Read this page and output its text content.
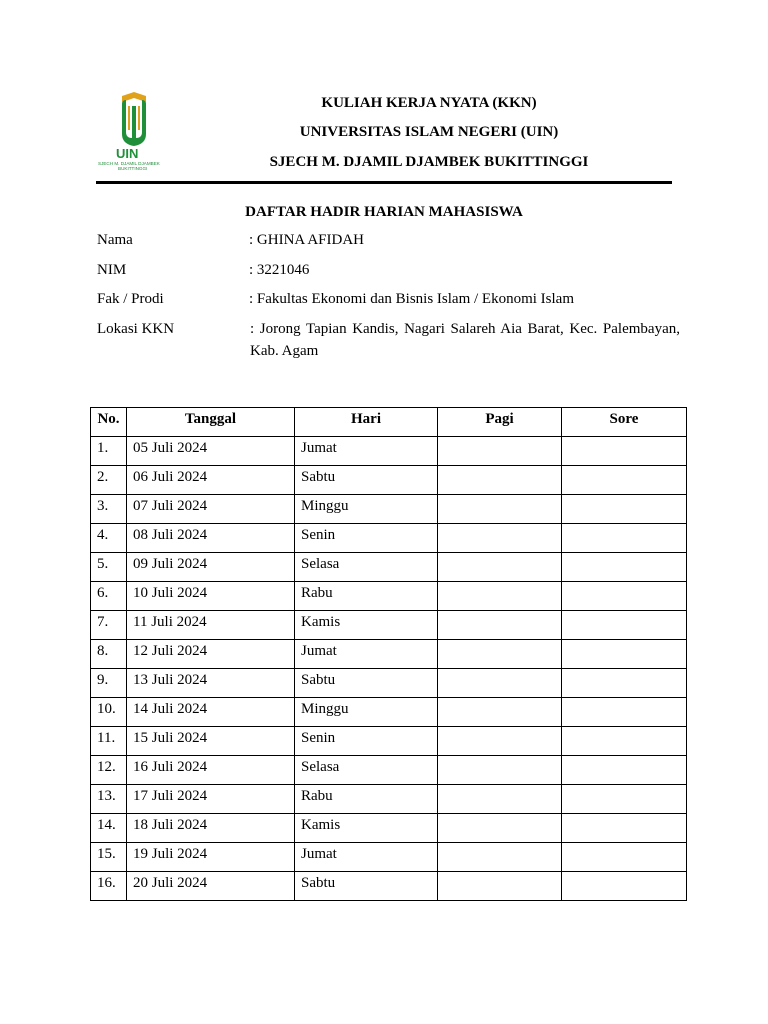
UIN
SJECH M. DJAMIL DJAMBEK
BUKITTINGGI
KULIAH KERJA NYATA (KKN)
UNIVERSITAS ISLAM NEGERI (UIN)
SJECH M. DJAMIL DJAMBEK BUKITTINGGI
DAFTAR HADIR HARIAN MAHASISWA
Nama	: GHINA AFIDAH
NIM	: 3221046
Fak / Prodi	: Fakultas Ekonomi dan Bisnis Islam / Ekonomi Islam
Lokasi KKN	: Jorong Tapian Kandis, Nagari Salareh Aia Barat, Kec. Palembayan, Kab. Agam
No.	Tanggal	Hari	Pagi	Sore
1.	05 Juli 2024	Jumat		
2.	06 Juli 2024	Sabtu		
3.	07 Juli 2024	Minggu		
4.	08 Juli 2024	Senin		
5.	09 Juli 2024	Selasa		
6.	10 Juli 2024	Rabu		
7.	11 Juli 2024	Kamis		
8.	12 Juli 2024	Jumat		
9.	13 Juli 2024	Sabtu		
10.	14 Juli 2024	Minggu		
11.	15 Juli 2024	Senin		
12.	16 Juli 2024	Selasa		
13.	17 Juli 2024	Rabu		
14.	18 Juli 2024	Kamis		
15.	19 Juli 2024	Jumat		
16.	20 Juli 2024	Sabtu		
